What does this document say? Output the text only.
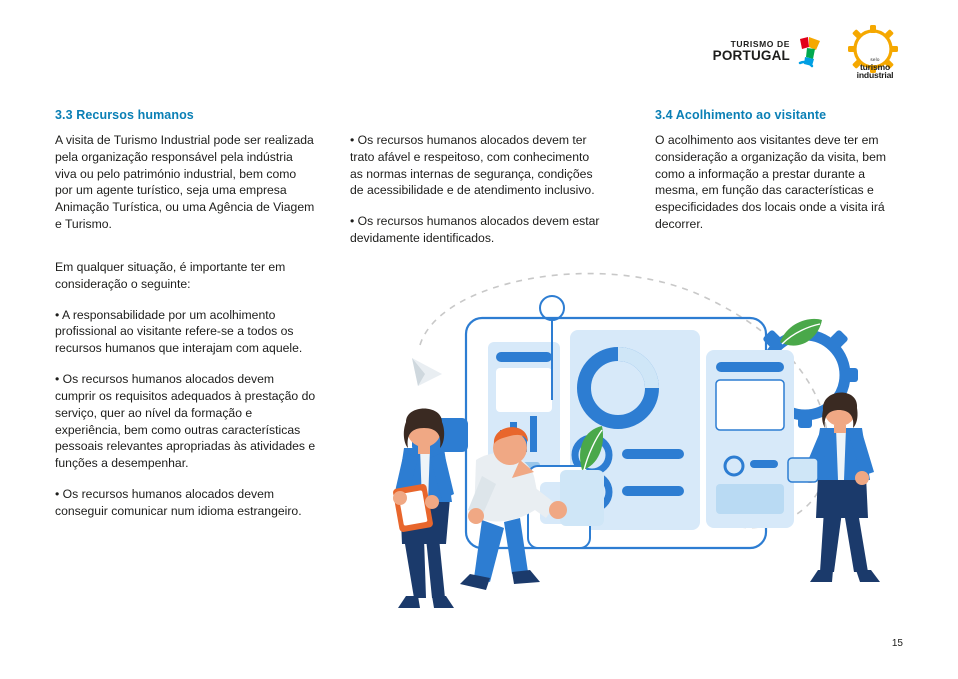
TURISMO DE
PORTUGAL	selo
turismo
industrial
3.3 Recursos humanos

A visita de Turismo Industrial pode ser realizada pela organização responsável pela indústria viva ou pelo património industrial, bem como por um agente turístico, seja uma empresa Animação Turística, ou uma Agência de Viagem e Turismo.

Em qualquer situação, é importante ter em consideração o seguinte:

• A responsabilidade por um acolhimento profissional ao visitante refere-se a todos os recursos humanos que interajam com aquele.

• Os recursos humanos alocados devem cumprir os requisitos adequados à prestação do serviço, quer ao nível da formação e experiência, bem como outras características pessoais relevantes apropriadas às atividades e funções a desempenhar.

• Os recursos humanos alocados devem conseguir comunicar num idioma estrangeiro.

• Os recursos humanos alocados devem ter trato afável e respeitoso, com conhecimento as normas internas de segurança, condições de acessibilidade e de atendimento inclusivo.

• Os recursos humanos alocados devem estar devidamente identificados.

3.4 Acolhimento ao visitante

O acolhimento aos visitantes deve ter em consideração a organização da visita, bem como a informação a prestar durante a mesma, em função das características e especificidades dos locais onde a visita irá decorrer.

15
